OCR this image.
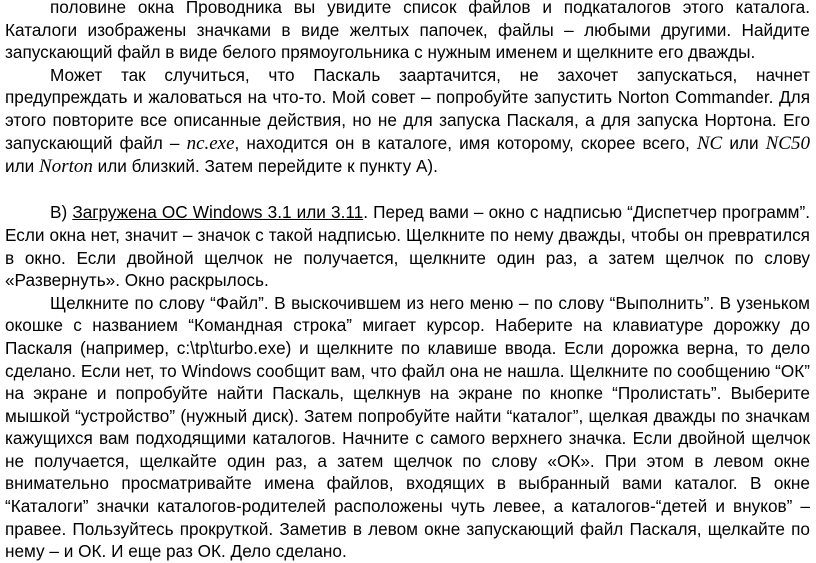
половине окна Проводника вы увидите список файлов и подкаталогов этого каталога. Каталоги изображены значками в виде желтых папочек, файлы – любыми другими. Найдите запускающий файл в виде белого прямоугольника с нужным именем и щелкните его дважды.

Может так случиться, что Паскаль заартачится, не захочет запускаться, начнет предупреждать и жаловаться на что-то. Мой совет – попробуйте запустить Norton Commander. Для этого повторите все описанные действия, но не для запуска Паскаля, а для запуска Нортона. Его запускающий файл – nc.exe, находится он в каталоге, имя которому, скорее всего, NC или NC50 или Norton или близкий. Затем перейдите к пункту А).

B) Загружена ОС Windows 3.1 или 3.11. Перед вами – окно с надписью “Диспетчер программ”. Если окна нет, значит – значок с такой надписью. Щелкните по нему дважды, чтобы он превратился в окно. Если двойной щелчок не получается, щелкните один раз, а затем щелчок по слову «Развернуть». Окно раскрылось.

Щелкните по слову “Файл”. В выскочившем из него меню – по слову “Выполнить”. В узеньком окошке с названием “Командная строка” мигает курсор. Наберите на клавиатуре дорожку до Паскаля (например, c:\tp\turbo.exe) и щелкните по клавише ввода. Если дорожка верна, то дело сделано. Если нет, то Windows сообщит вам, что файл она не нашла. Щелкните по сообщению “ОК” на экране и попробуйте найти Паскаль, щелкнув на экране по кнопке “Пролистать”. Выберите мышкой “устройство” (нужный диск). Затем попробуйте найти “каталог”, щелкая дважды по значкам кажущихся вам подходящими каталогов. Начните с самого верхнего значка. Если двойной щелчок не получается, щелкайте один раз, а затем щелчок по слову «ОК». При этом в левом окне внимательно просматривайте имена файлов, входящих в выбранный вами каталог. В окне “Каталоги” значки каталогов-родителей расположены чуть левее, а каталогов-“детей и внуков” – правее. Пользуйтесь прокруткой. Заметив в левом окне запускающий файл Паскаля, щелкайте по нему – и ОК. И еще раз ОК. Дело сделано.
